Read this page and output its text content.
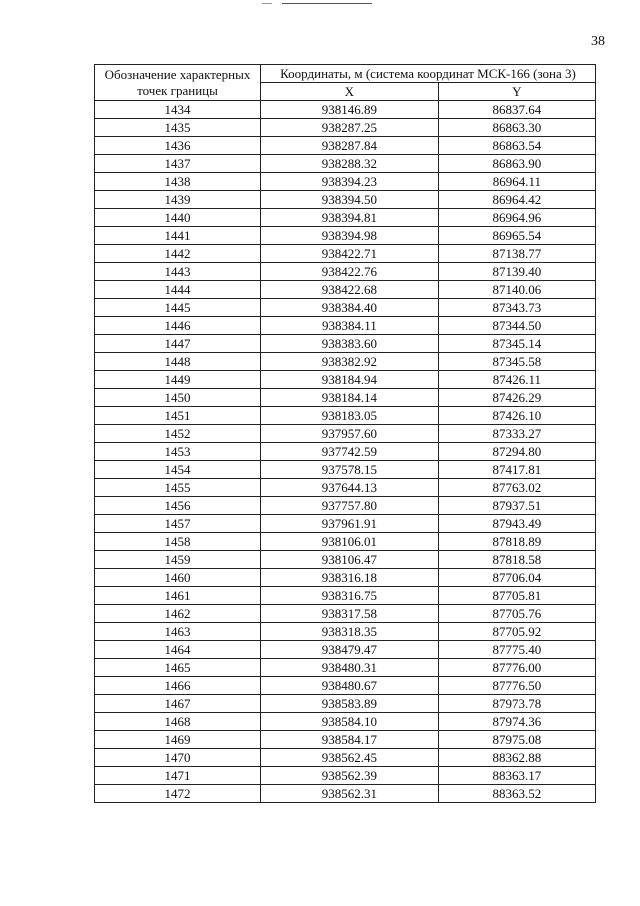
38
Обозначение характерных точек границы	Координаты, м (система координат МСК-166 (зона 3)	
	X	Y
1434	938146.89	86837.64
1435	938287.25	86863.30
1436	938287.84	86863.54
1437	938288.32	86863.90
1438	938394.23	86964.11
1439	938394.50	86964.42
1440	938394.81	86964.96
1441	938394.98	86965.54
1442	938422.71	87138.77
1443	938422.76	87139.40
1444	938422.68	87140.06
1445	938384.40	87343.73
1446	938384.11	87344.50
1447	938383.60	87345.14
1448	938382.92	87345.58
1449	938184.94	87426.11
1450	938184.14	87426.29
1451	938183.05	87426.10
1452	937957.60	87333.27
1453	937742.59	87294.80
1454	937578.15	87417.81
1455	937644.13	87763.02
1456	937757.80	87937.51
1457	937961.91	87943.49
1458	938106.01	87818.89
1459	938106.47	87818.58
1460	938316.18	87706.04
1461	938316.75	87705.81
1462	938317.58	87705.76
1463	938318.35	87705.92
1464	938479.47	87775.40
1465	938480.31	87776.00
1466	938480.67	87776.50
1467	938583.89	87973.78
1468	938584.10	87974.36
1469	938584.17	87975.08
1470	938562.45	88362.88
1471	938562.39	88363.17
1472	938562.31	88363.52
